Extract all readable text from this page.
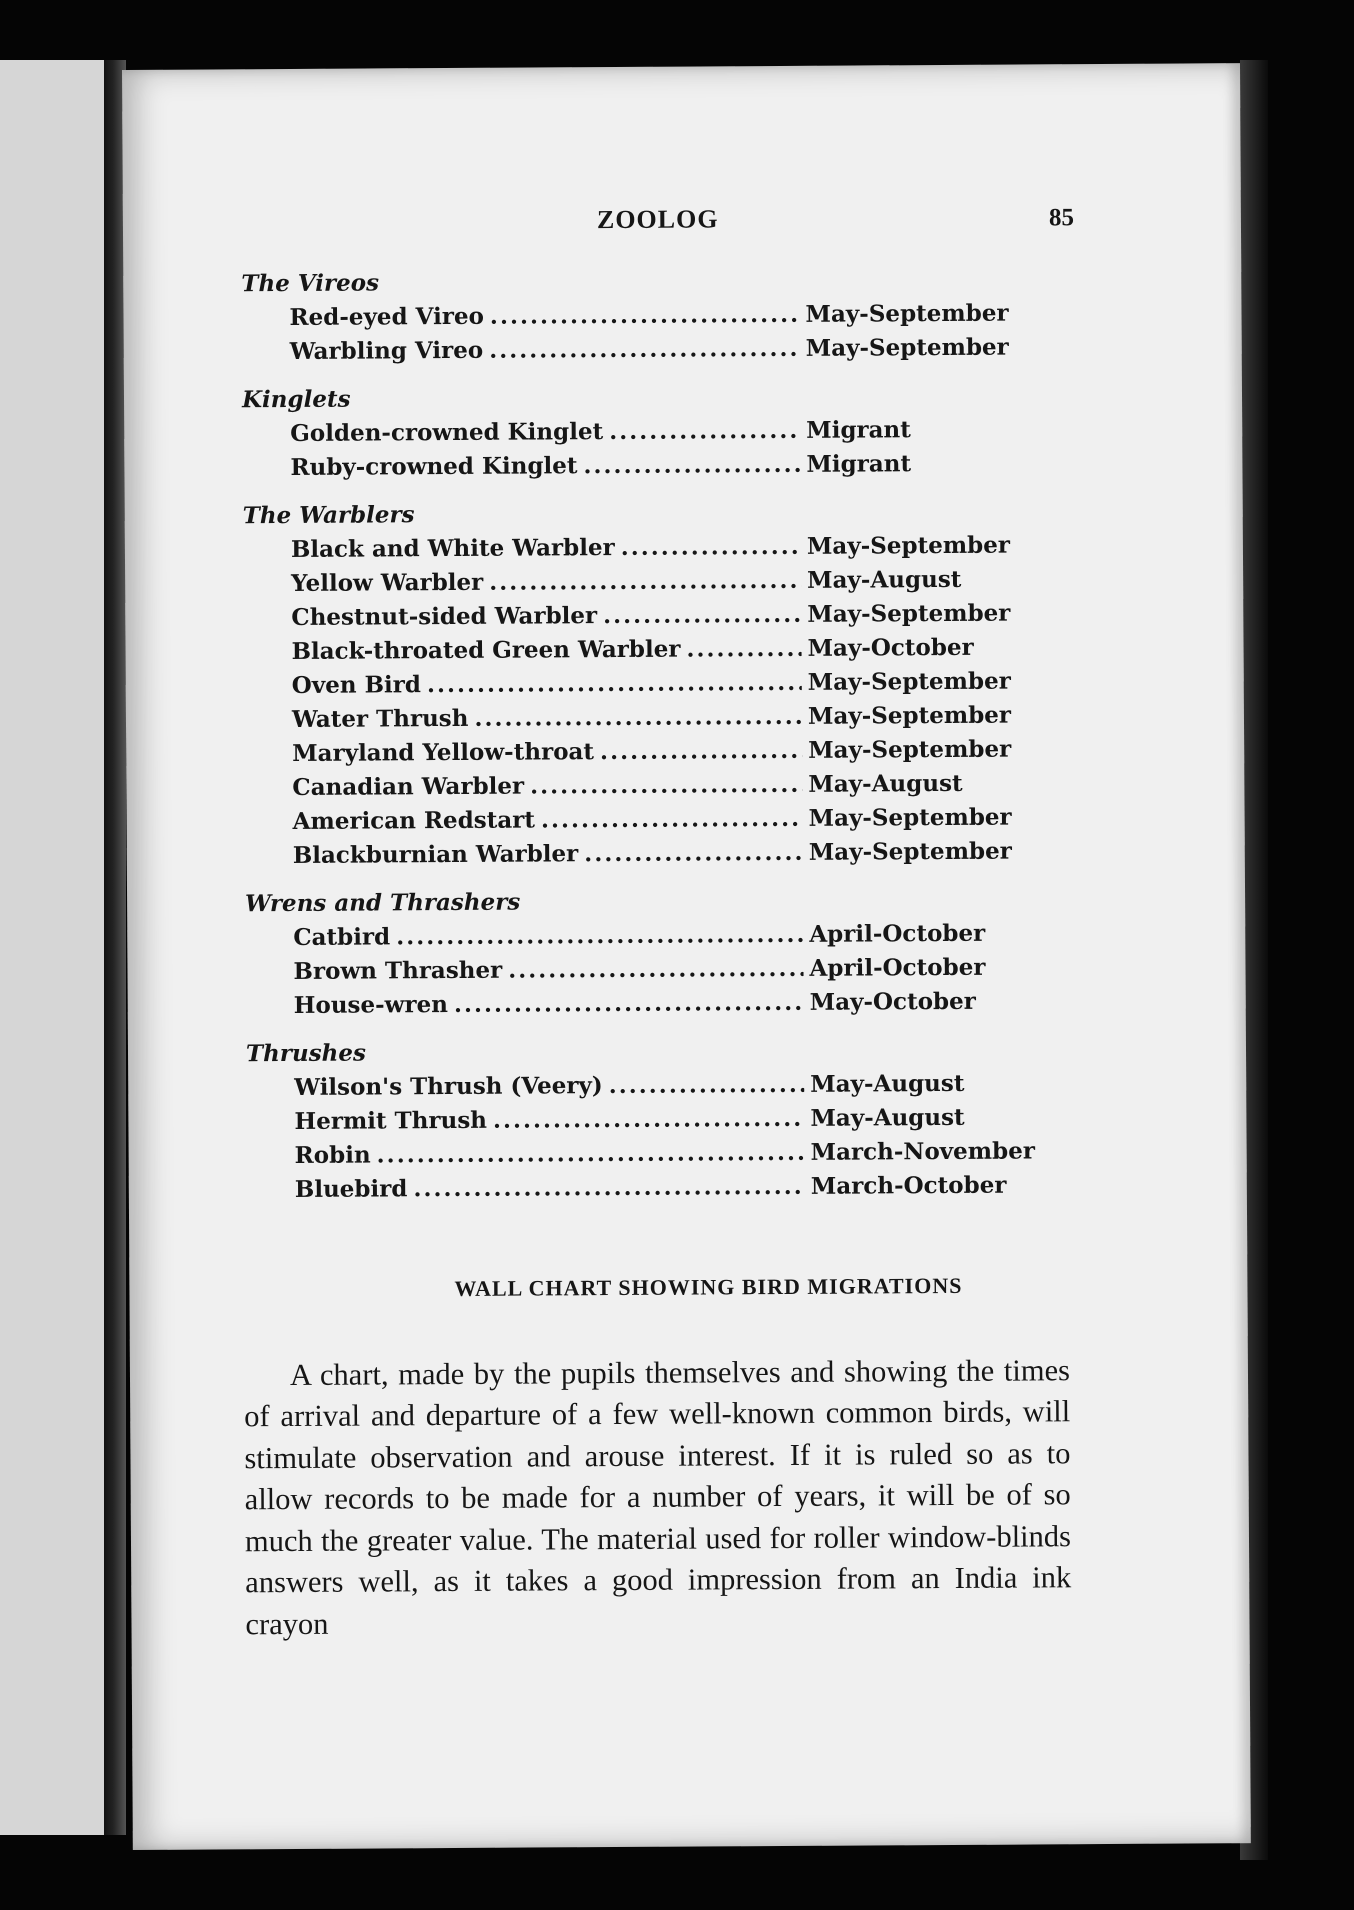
ZOOLOG	85
The Vireos
Red-eyed Vireo .....	May-September
Warbling Vireo .....	May-September
Kinglets
Golden-crowned Kinglet .....	Migrant
Ruby-crowned Kinglet .....	Migrant
The Warblers
Black and White Warbler .....	May-September
Yellow Warbler .....	May-August
Chestnut-sided Warbler .....	May-September
Black-throated Green Warbler .....	May-October
Oven Bird .....	May-September
Water Thrush .....	May-September
Maryland Yellow-throat .....	May-September
Canadian Warbler .....	May-August
American Redstart .....	May-September
Blackburnian Warbler .....	May-September
Wrens and Thrashers
Catbird .....	April-October
Brown Thrasher .....	April-October
House-wren .....	May-October
Thrushes
Wilson's Thrush (Veery) .....	May-August
Hermit Thrush .....	May-August
Robin .....	March-November
Bluebird .....	March-October
WALL CHART SHOWING BIRD MIGRATIONS

A chart, made by the pupils themselves and showing the times of arrival and departure of a few well-known common birds, will stimulate observation and arouse interest. If it is ruled so as to allow records to be made for a number of years, it will be of so much the greater value. The material used for roller window-blinds answers well, as it takes a good impression from an India ink crayon
